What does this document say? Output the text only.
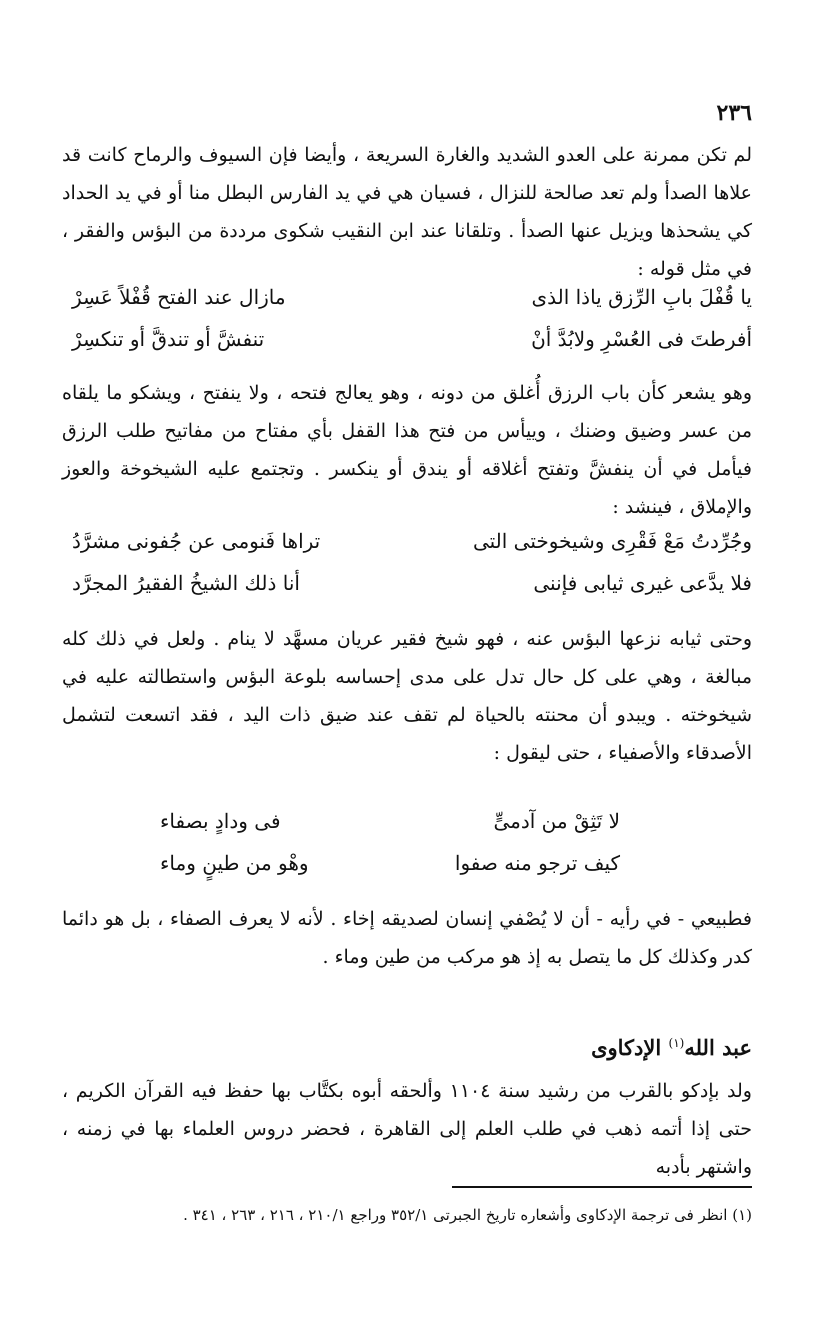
٢٣٦

لم تكن ممرنة على العدو الشديد والغارة السريعة ، وأيضا فإن السيوف والرماح كانت قد علاها الصدأ ولم تعد صالحة للنزال ، فسيان هي في يد الفارس البطل منا أو في يد الحداد كي يشحذها ويزيل عنها الصدأ . وتلقانا عند ابن النقيب شكوى مرددة من البؤس والفقر ، في مثل قوله :

يا قُفْلَ بابِ الرِّزق ياذا الذى
مازال عند الفتح قُفْلاً عَسِرْ
أفرطتَ فى العُسْرِ ولابُدَّ أنْ
تنفشَّ أو تندقَّ أو تنكسِرْ

وهو يشعر كأن باب الرزق أُغلق من دونه ، وهو يعالج فتحه ، ولا ينفتح ، ويشكو ما يلقاه من عسر وضيق وضنك ، وييأس من فتح هذا القفل بأي مفتاح من مفاتيح طلب الرزق فيأمل في أن ينفشَّ وتفتح أغلاقه أو يندق أو ينكسر . وتجتمع عليه الشيخوخة والعوز والإملاق ، فينشد :

وجُرِّدتُ مَعْ فَقْرِى وشيخوختى التى
تراها فَنومى عن جُفونى مشرَّدُ
فلا يدَّعى غيرى ثيابى فإننى
أنا ذلك الشيخُ الفقيرُ المجرَّد

وحتى ثيابه نزعها البؤس عنه ، فهو شيخ فقير عريان مسهَّد لا ينام . ولعل في ذلك كله مبالغة ، وهي على كل حال تدل على مدى إحساسه بلوعة البؤس واستطالته عليه في شيخوخته . ويبدو أن محنته بالحياة لم تقف عند ضيق ذات اليد ، فقد اتسعت لتشمل الأصدقاء والأصفياء ، حتى ليقول :

لا تَثِقْ من آدمىٍّ
فى ودادٍ بصفاء
كيف ترجو منه صفوا
وهْو من طينٍ وماء

فطبيعي - في رأيه - أن لا يُصْفي إنسان لصديقه إخاء . لأنه لا يعرف الصفاء ، بل هو دائما كدر وكذلك كل ما يتصل به إذ هو مركب من طين وماء .

عبد الله$^{(١)}$ الإدكاوى

ولد بإدكو بالقرب من رشيد سنة ١١٠٤ وألحقه أبوه بكتَّاب بها حفظ فيه القرآن الكريم ، حتى إذا أتمه ذهب في طلب العلم إلى القاهرة ، فحضر دروس العلماء بها في زمنه ، واشتهر بأدبه

(١) انظر فى ترجمة الإدكاوى وأشعاره تاريخ الجبرتى ٣٥٢/١ وراجع ٢١٠/١ ، ٢١٦ ، ٢٦٣ ، ٣٤١ .
